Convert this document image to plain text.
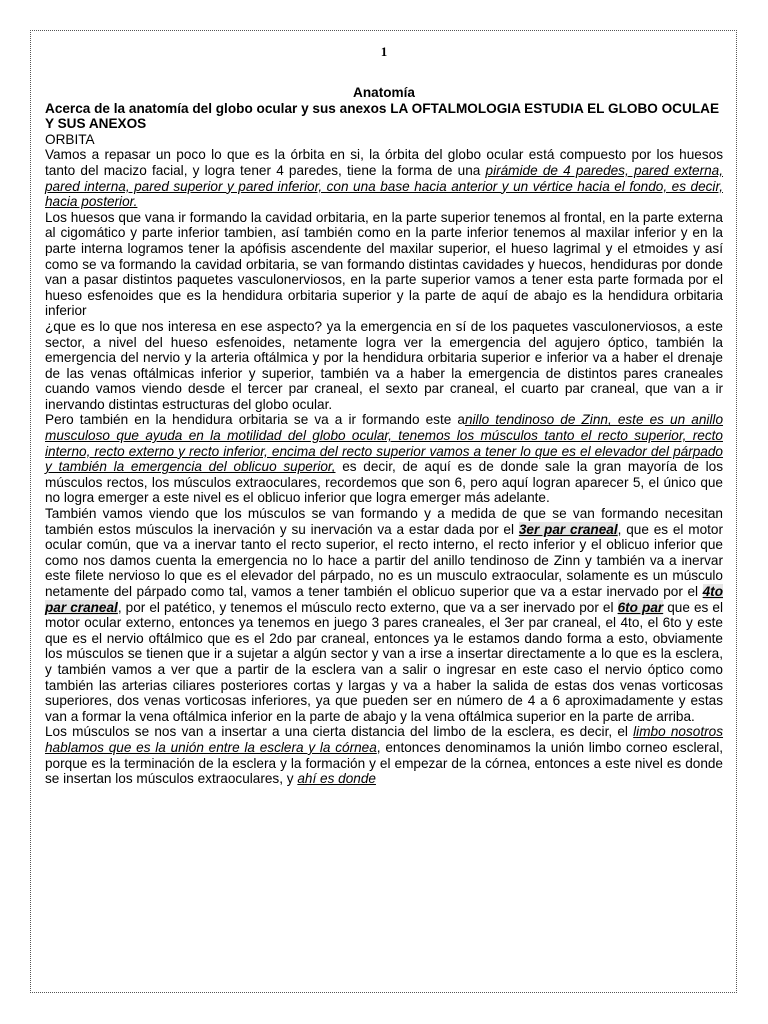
1
Anatomía
Acerca de la anatomía del globo ocular y sus anexos LA OFTALMOLOGIA ESTUDIA EL GLOBO OCULAE Y SUS ANEXOS
ORBITA

Vamos a repasar un poco lo que es la órbita en si, la órbita del globo ocular está compuesto por los huesos tanto del macizo facial, y logra tener 4 paredes, tiene la forma de una pirámide de 4 paredes, pared externa, pared interna, pared superior y pared inferior, con una base hacia anterior y un vértice hacia el fondo, es decir, hacia posterior.

Los huesos que vana ir formando la cavidad orbitaria, en la parte superior tenemos al frontal, en la parte externa al cigomático y parte inferior tambien, así también como en la parte inferior tenemos al maxilar inferior y en la parte interna logramos tener la apófisis ascendente del maxilar superior, el hueso lagrimal y el etmoides y así como se va formando la cavidad orbitaria, se van formando distintas cavidades y huecos, hendiduras por donde van a pasar distintos paquetes vasculonerviosos, en la parte superior vamos a tener esta parte formada por el hueso esfenoides que es la hendidura orbitaria superior y la parte de aquí de abajo es la hendidura orbitaria inferior

¿que es lo que nos interesa en ese aspecto? ya la emergencia en sí de los paquetes vasculonerviosos, a este sector, a nivel del hueso esfenoides, netamente logra ver la emergencia del agujero óptico, también la emergencia del nervio y la arteria oftálmica y por la hendidura orbitaria superior e inferior va a haber el drenaje de las venas oftálmicas inferior y superior, también va a haber la emergencia de distintos pares craneales cuando vamos viendo desde el tercer par craneal, el sexto par craneal, el cuarto par craneal, que van a ir inervando distintas estructuras del globo ocular.

Pero también en la hendidura orbitaria se va a ir formando este anillo tendinoso de Zinn, este es un anillo musculoso que ayuda en la motilidad del globo ocular, tenemos los músculos tanto el recto superior, recto interno, recto externo y recto inferior, encima del recto superior vamos a tener lo que es el elevador del párpado y también la emergencia del oblicuo superior, es decir, de aquí es de donde sale la gran mayoría de los músculos rectos, los músculos extraoculares, recordemos que son 6, pero aquí logran aparecer 5, el único que no logra emerger a este nivel es el oblicuo inferior que logra emerger más adelante.

También vamos viendo que los músculos se van formando y a medida de que se van formando necesitan también estos músculos la inervación y su inervación va a estar dada por el 3er par craneal, que es el motor ocular común, que va a inervar tanto el recto superior, el recto interno, el recto inferior y el oblicuo inferior que como nos damos cuenta la emergencia no lo hace a partir del anillo tendinoso de Zinn y también va a inervar este filete nervioso lo que es el elevador del párpado, no es un musculo extraocular, solamente es un músculo netamente del párpado como tal, vamos a tener también el oblicuo superior que va a estar inervado por el 4to par craneal, por el patético, y tenemos el músculo recto externo, que va a ser inervado por el 6to par que es el motor ocular externo, entonces ya tenemos en juego 3 pares craneales, el 3er par craneal, el 4to, el 6to y este que es el nervio oftálmico que es el 2do par craneal, entonces ya le estamos dando forma a esto, obviamente los músculos se tienen que ir a sujetar a algún sector y van a irse a insertar directamente a lo que es la esclera, y también vamos a ver que a partir de la esclera van a salir o ingresar en este caso el nervio óptico como también las arterias ciliares posteriores cortas y largas y va a haber la salida de estas dos venas vorticosas superiores, dos venas vorticosas inferiores, ya que pueden ser en número de 4 a 6 aproximadamente y estas van a formar la vena oftálmica inferior en la parte de abajo y la vena oftálmica superior en la parte de arriba.

Los músculos se nos van a insertar a una cierta distancia del limbo de la esclera, es decir, el limbo nosotros hablamos que es la unión entre la esclera y la córnea, entonces denominamos la unión limbo corneo escleral, porque es la terminación de la esclera y la formación y el empezar de la córnea, entonces a este nivel es donde se insertan los músculos extraoculares, y ahí es donde
